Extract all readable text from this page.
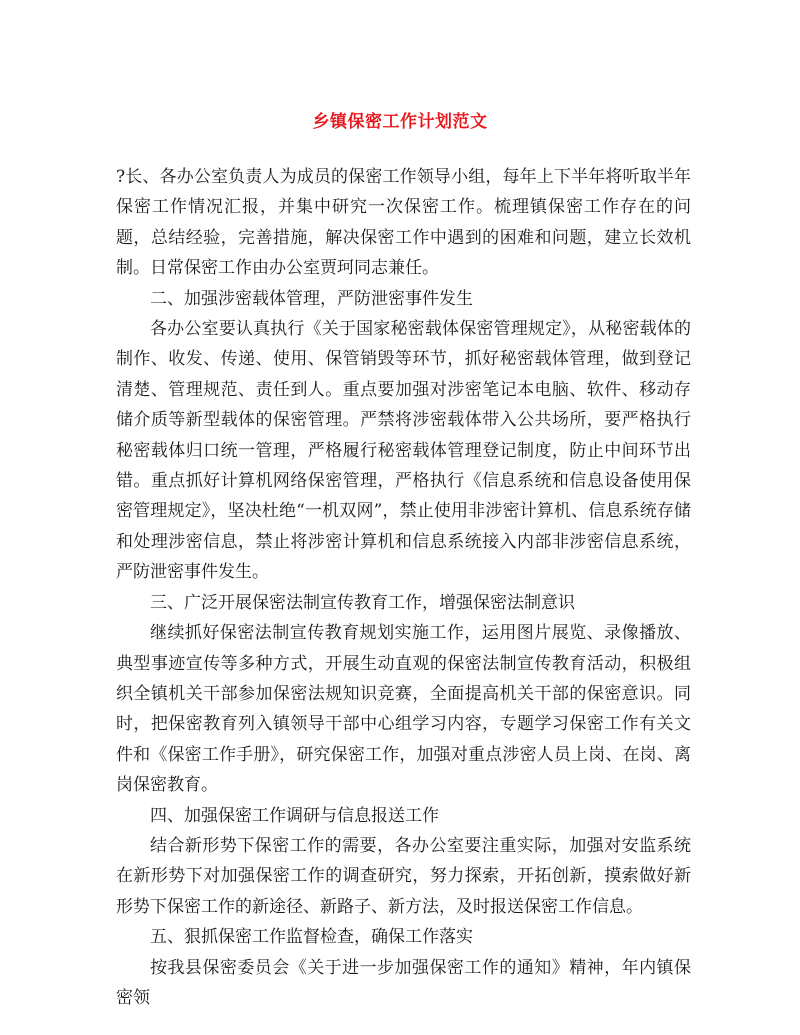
乡镇保密工作计划范文

?长、各办公室负责人为成员的保密工作领导小组，每年上下半年将听取半年保密工作情况汇报，并集中研究一次保密工作。梳理镇保密工作存在的问题，总结经验，完善措施，解决保密工作中遇到的困难和问题，建立长效机制。日常保密工作由办公室贾珂同志兼任。

二、加强涉密载体管理，严防泄密事件发生

各办公室要认真执行《关于国家秘密载体保密管理规定》，从秘密载体的制作、收发、传递、使用、保管销毁等环节，抓好秘密载体管理，做到登记清楚、管理规范、责任到人。重点要加强对涉密笔记本电脑、软件、移动存储介质等新型载体的保密管理。严禁将涉密载体带入公共场所，要严格执行秘密载体归口统一管理，严格履行秘密载体管理登记制度，防止中间环节出错。重点抓好计算机网络保密管理，严格执行《信息系统和信息设备使用保密管理规定》，坚决杜绝“一机双网”，禁止使用非涉密计算机、信息系统存储和处理涉密信息，禁止将涉密计算机和信息系统接入内部非涉密信息系统，严防泄密事件发生。

三、广泛开展保密法制宣传教育工作，增强保密法制意识

继续抓好保密法制宣传教育规划实施工作，运用图片展览、录像播放、典型事迹宣传等多种方式，开展生动直观的保密法制宣传教育活动，积极组织全镇机关干部参加保密法规知识竞赛，全面提高机关干部的保密意识。同时，把保密教育列入镇领导干部中心组学习内容，专题学习保密工作有关文件和《保密工作手册》，研究保密工作，加强对重点涉密人员上岗、在岗、离岗保密教育。

四、加强保密工作调研与信息报送工作

结合新形势下保密工作的需要，各办公室要注重实际，加强对安监系统在新形势下对加强保密工作的调查研究，努力探索，开拓创新，摸索做好新形势下保密工作的新途径、新路子、新方法，及时报送保密工作信息。

五、狠抓保密工作监督检查，确保工作落实

按我县保密委员会《关于进一步加强保密工作的通知》精神，年内镇保密领
